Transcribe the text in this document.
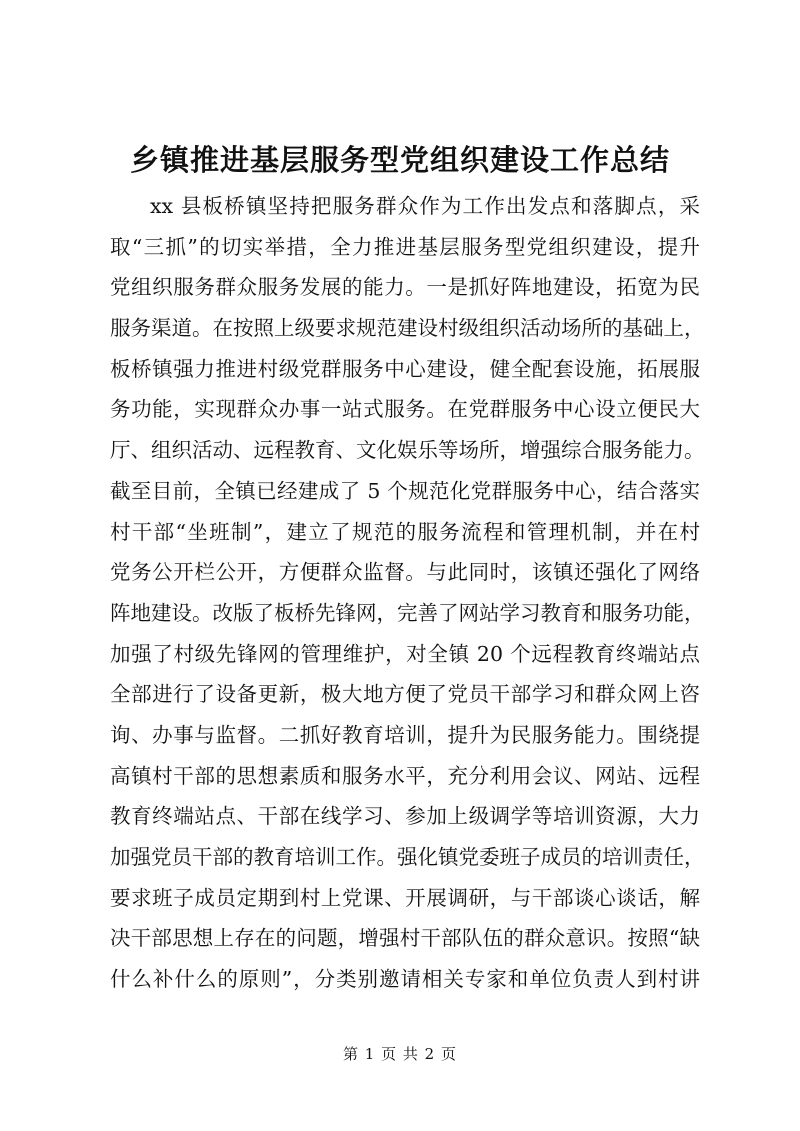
乡镇推进基层服务型党组织建设工作总结
xx 县板桥镇坚持把服务群众作为工作出发点和落脚点，采
取“三抓”的切实举措，全力推进基层服务型党组织建设，提升
党组织服务群众服务发展的能力。一是抓好阵地建设，拓宽为民
服务渠道。在按照上级要求规范建设村级组织活动场所的基础上，
板桥镇强力推进村级党群服务中心建设，健全配套设施，拓展服
务功能，实现群众办事一站式服务。在党群服务中心设立便民大
厅、组织活动、远程教育、文化娱乐等场所，增强综合服务能力。
截至目前，全镇已经建成了 5 个规范化党群服务中心，结合落实
村干部“坐班制”，建立了规范的服务流程和管理机制，并在村
党务公开栏公开，方便群众监督。与此同时，该镇还强化了网络
阵地建设。改版了板桥先锋网，完善了网站学习教育和服务功能，
加强了村级先锋网的管理维护，对全镇 20 个远程教育终端站点
全部进行了设备更新，极大地方便了党员干部学习和群众网上咨
询、办事与监督。二抓好教育培训，提升为民服务能力。围绕提
高镇村干部的思想素质和服务水平，充分利用会议、网站、远程
教育终端站点、干部在线学习、参加上级调学等培训资源，大力
加强党员干部的教育培训工作。强化镇党委班子成员的培训责任，
要求班子成员定期到村上党课、开展调研，与干部谈心谈话，解
决干部思想上存在的问题，增强村干部队伍的群众意识。按照“缺
什么补什么的原则”，分类别邀请相关专家和单位负责人到村讲
第 1 页 共 2 页
